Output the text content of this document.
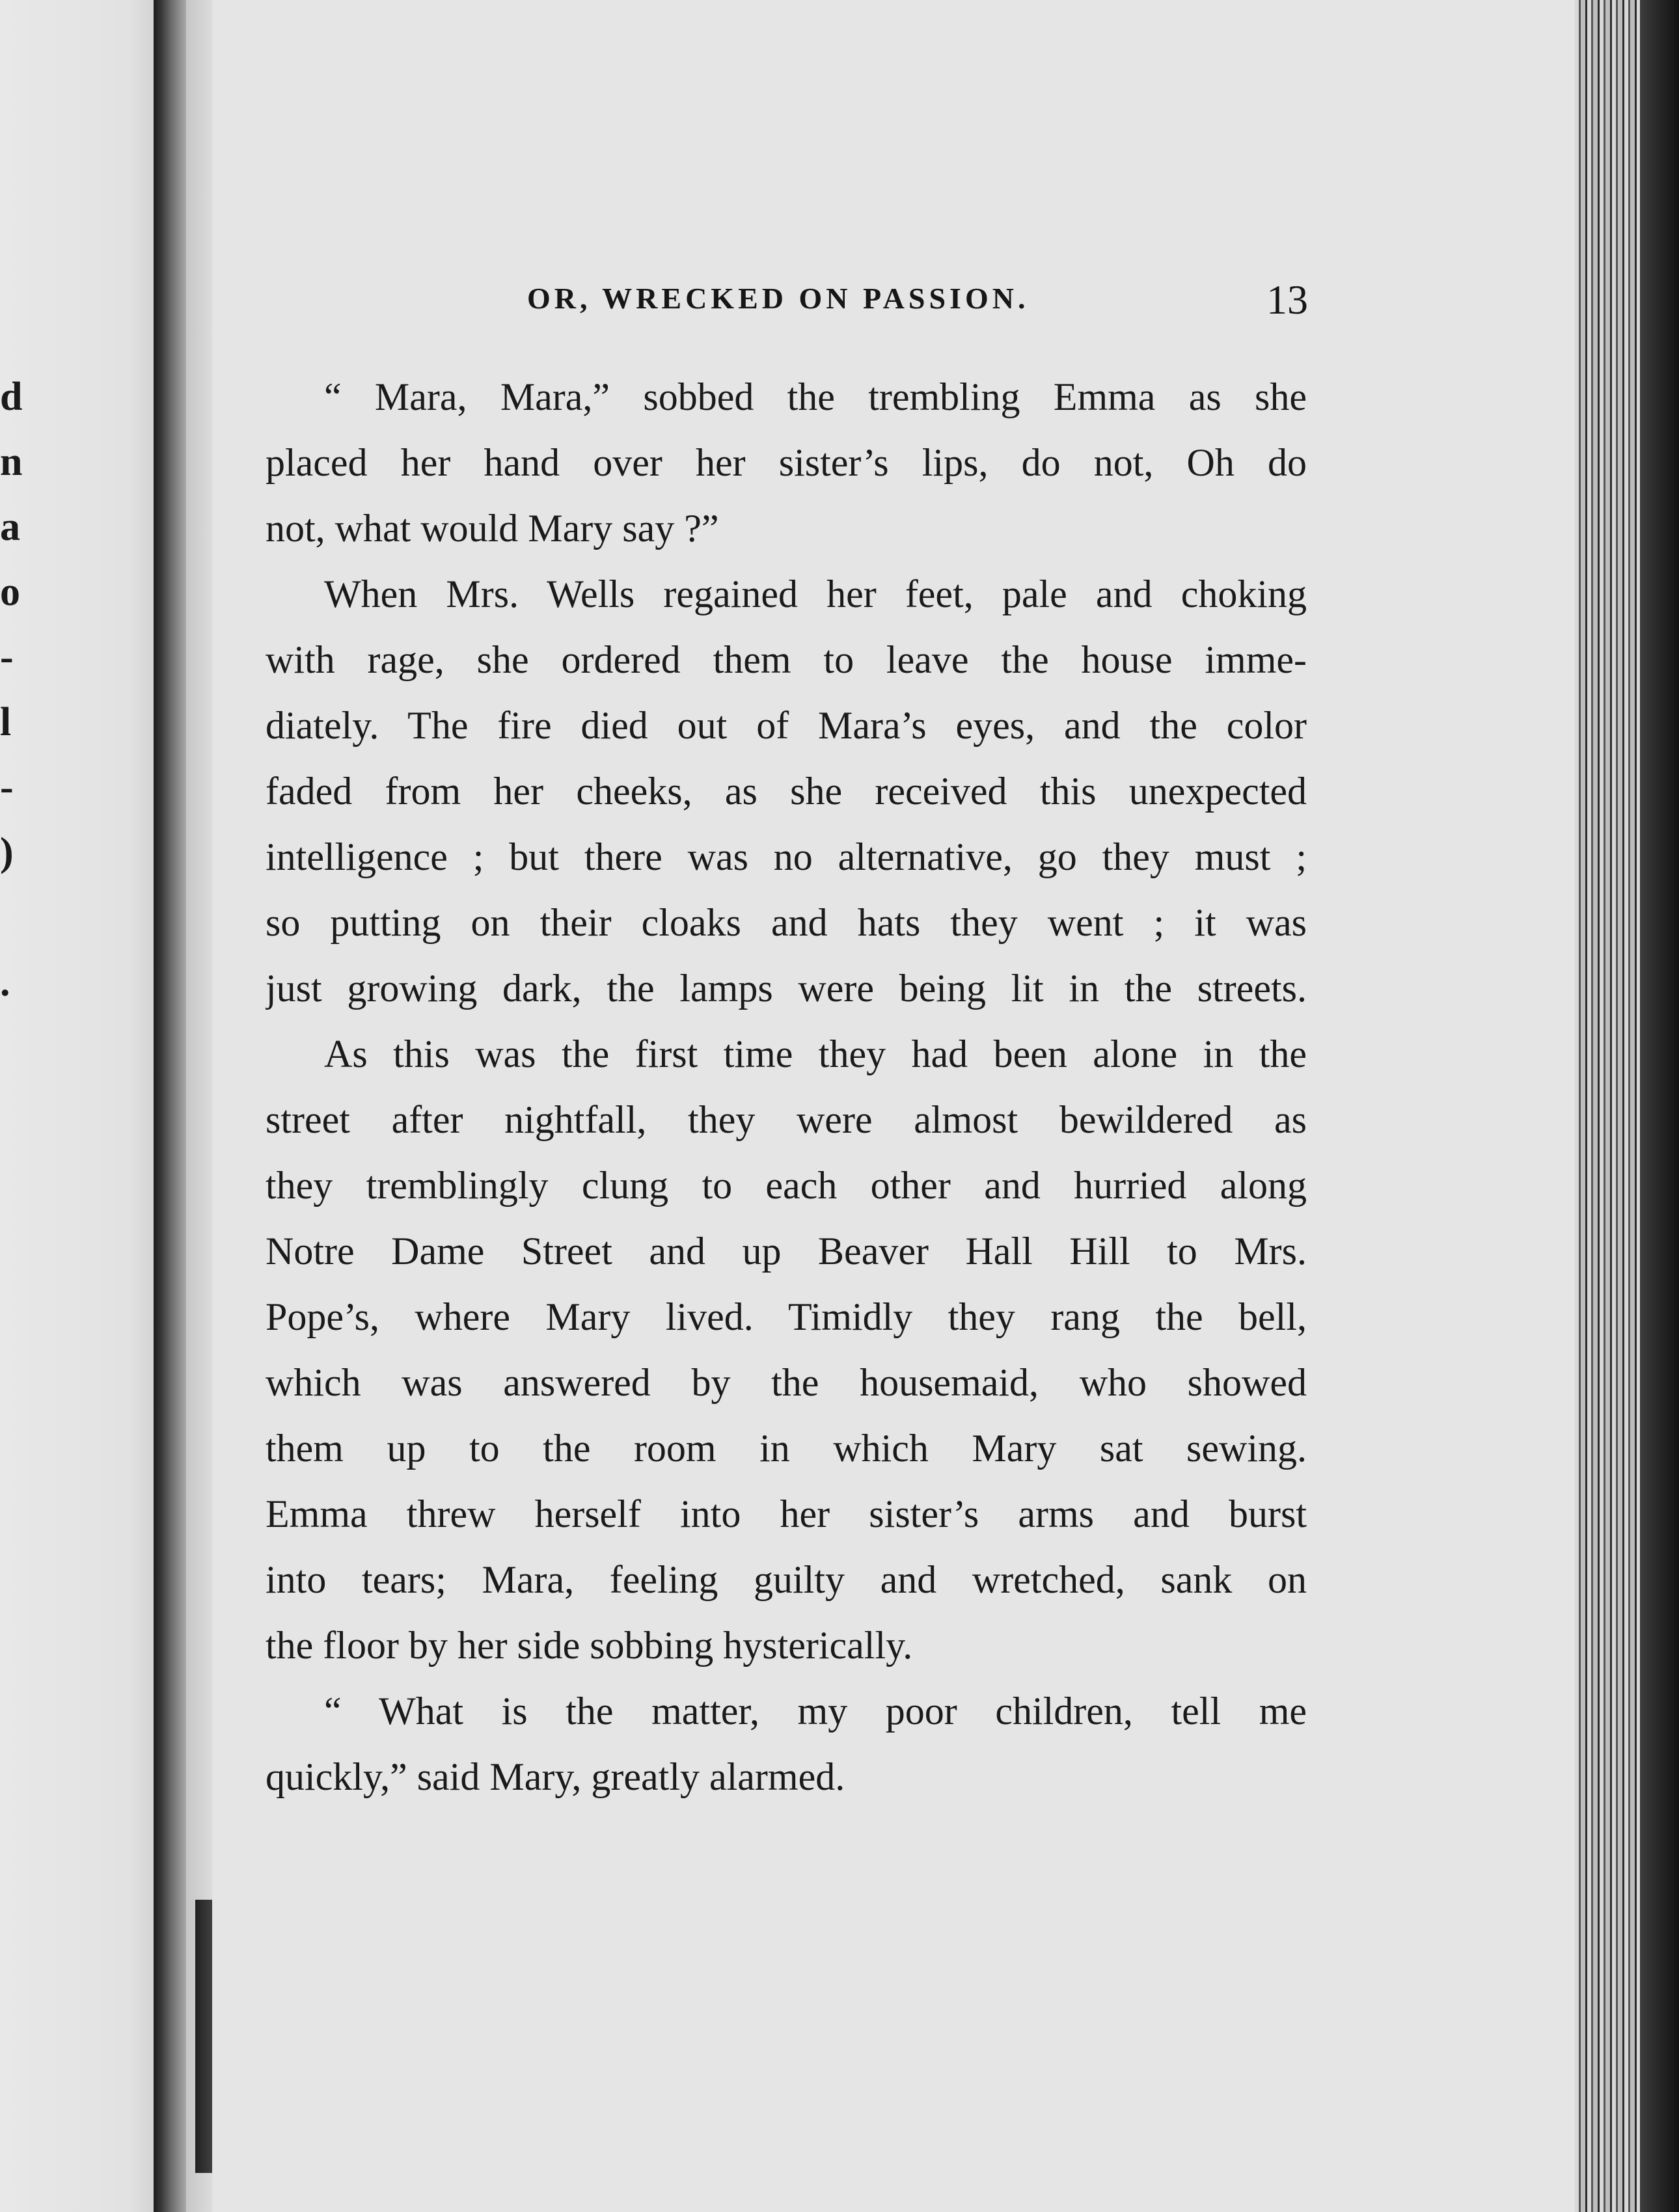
d
n
a
o
-
l
-
)
.
OR, WRECKED ON PASSION.	13
“ Mara, Mara,” sobbed the trembling Emma as she
placed her hand over her sister’s lips, do not, Oh do
not, what would Mary say ?”
When Mrs. Wells regained her feet, pale and choking
with rage, she ordered them to leave the house imme-
diately. The fire died out of Mara’s eyes, and the color
faded from her cheeks, as she received this unexpected
intelligence ; but there was no alternative, go they must ;
so putting on their cloaks and hats they went ; it was
just growing dark, the lamps were being lit in the streets.
As this was the first time they had been alone in the
street after nightfall, they were almost bewildered as
they tremblingly clung to each other and hurried along
Notre Dame Street and up Beaver Hall Hill to Mrs.
Pope’s, where Mary lived. Timidly they rang the bell,
which was answered by the housemaid, who showed
them up to the room in which Mary sat sewing.
Emma threw herself into her sister’s arms and burst
into tears; Mara, feeling guilty and wretched, sank on
the floor by her side sobbing hysterically.
“ What is the matter, my poor children, tell me
quickly,” said Mary, greatly alarmed.
